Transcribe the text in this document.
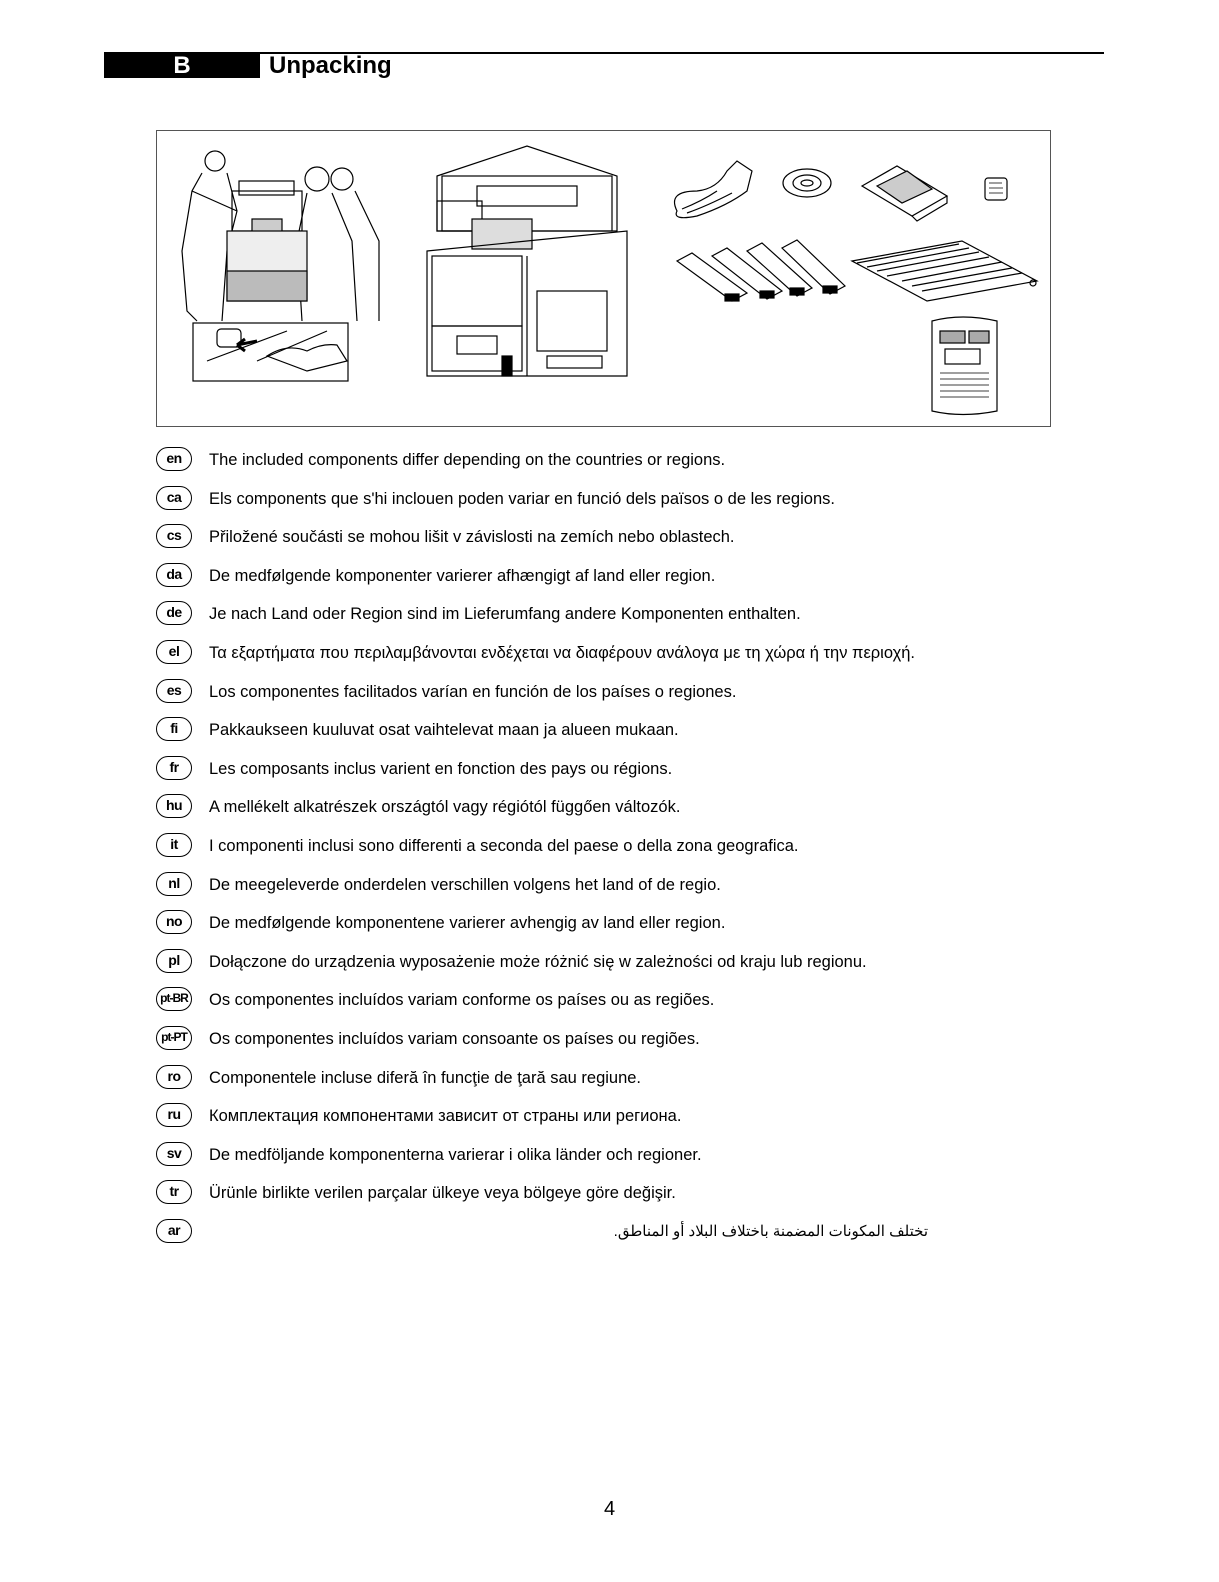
B	Unpacking
en	The included components differ depending on the countries or regions.
ca	Els components que s'hi inclouen poden variar en funció dels països o de les regions.
cs	Přiložené součásti se mohou lišit v závislosti na zemích nebo oblastech.
da	De medfølgende komponenter varierer afhængigt af land eller region.
de	Je nach Land oder Region sind im Lieferumfang andere Komponenten enthalten.
el	Τα εξαρτήματα που περιλαμβάνονται ενδέχεται να διαφέρουν ανάλογα με τη χώρα ή την περιοχή.
es	Los componentes facilitados varían en función de los países o regiones.
fi	Pakkaukseen kuuluvat osat vaihtelevat maan ja alueen mukaan.
fr	Les composants inclus varient en fonction des pays ou régions.
hu	A mellékelt alkatrészek országtól vagy régiótól függően változók.
it	I componenti inclusi sono differenti a seconda del paese o della zona geografica.
nl	De meegeleverde onderdelen verschillen volgens het land of de regio.
no	De medfølgende komponentene varierer avhengig av land eller region.
pl	Dołączone do urządzenia wyposażenie może różnić się w zależności od kraju lub regionu.
pt-BR Os componentes incluídos variam conforme os países ou as regiões.
pt-PT	Os componentes incluídos variam consoante os países ou regiões.
ro	Componentele incluse diferă în funcţie de ţară sau regiune.
ru	Комплектация компонентами зависит от страны или региона.
sv	De medföljande komponenterna varierar i olika länder och regioner.
tr	Ürünle birlikte verilen parçalar ülkeye veya bölgeye göre değişir.
ar	تختلف المكونات المضمنة باختلاف البلاد أو المناطق.
4
